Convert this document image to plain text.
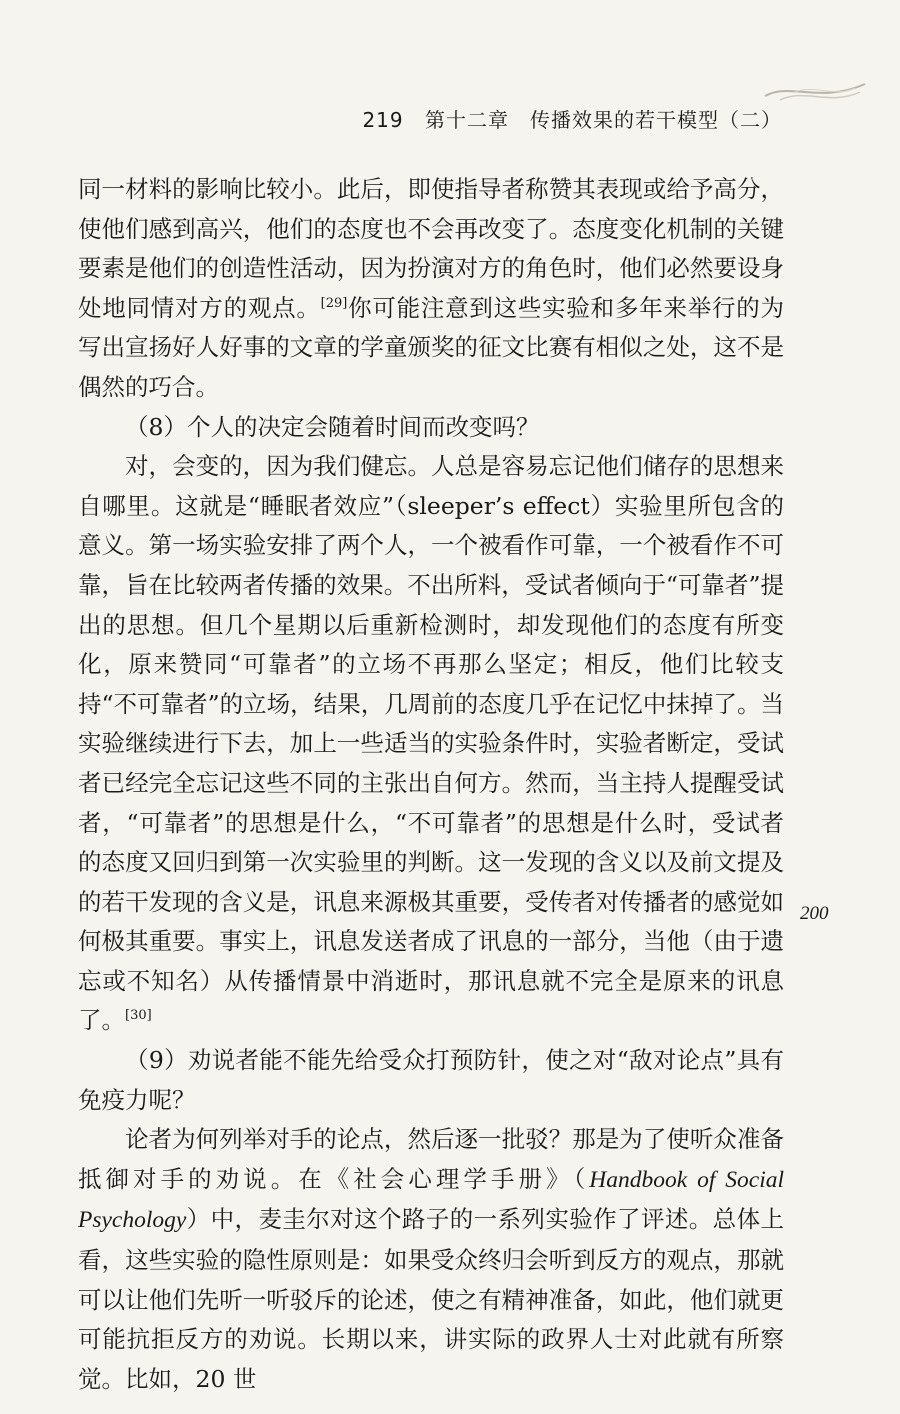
219 第十二章　 传播效果的若干模型（二）

同一材料的影响比较小。此后，即使指导者称赞其表现或给予高分，使他们感到高兴，他们的态度也不会再改变了。态度变化机制的关键要素是他们的创造性活动，因为扮演对方的角色时，他们必然要设身处地同情对方的观点。[29]你可能注意到这些实验和多年来举行的为写出宣扬好人好事的文章的学童颁奖的征文比赛有相似之处，这不是偶然的巧合。

（8）个人的决定会随着时间而改变吗？

对，会变的，因为我们健忘。人总是容易忘记他们储存的思想来自哪里。这就是“睡眠者效应”（sleeper’s effect）实验里所包含的意义。第一场实验安排了两个人，一个被看作可靠，一个被看作不可靠，旨在比较两者传播的效果。不出所料，受试者倾向于“可靠者”提出的思想。但几个星期以后重新检测时，却发现他们的态度有所变化，原来赞同“可靠者”的立场不再那么坚定；相反，他们比较支持“不可靠者”的立场，结果，几周前的态度几乎在记忆中抹掉了。当实验继续进行下去，加上一些适当的实验条件时，实验者断定，受试者已经完全忘记这些不同的主张出自何方。然而，当主持人提醒受试者，“可靠者”的思想是什么，“不可靠者”的思想是什么时，受试者的态度又回归到第一次实验里的判断。这一发现的含义以及前文提及的若干发现的含义是，讯息来源极其重要，受传者对传播者的感觉如何极其重要。事实上，讯息发送者成了讯息的一部分，当他（由于遗忘或不知名）从传播情景中消逝时，那讯息就不完全是原来的讯息了。[30]

（9）劝说者能不能先给受众打预防针，使之对“敌对论点”具有免疫力呢？

论者为何列举对手的论点，然后逐一批驳？那是为了使听众准备抵御对手的劝说。在《社会心理学手册》（Handbook of Social Psychology）中，麦圭尔对这个路子的一系列实验作了评述。总体上看，这些实验的隐性原则是：如果受众终归会听到反方的观点，那就可以让他们先听一听驳斥的论述，使之有精神准备，如此，他们就更可能抗拒反方的劝说。长期以来，讲实际的政界人士对此就有所察觉。比如，20 世

200
